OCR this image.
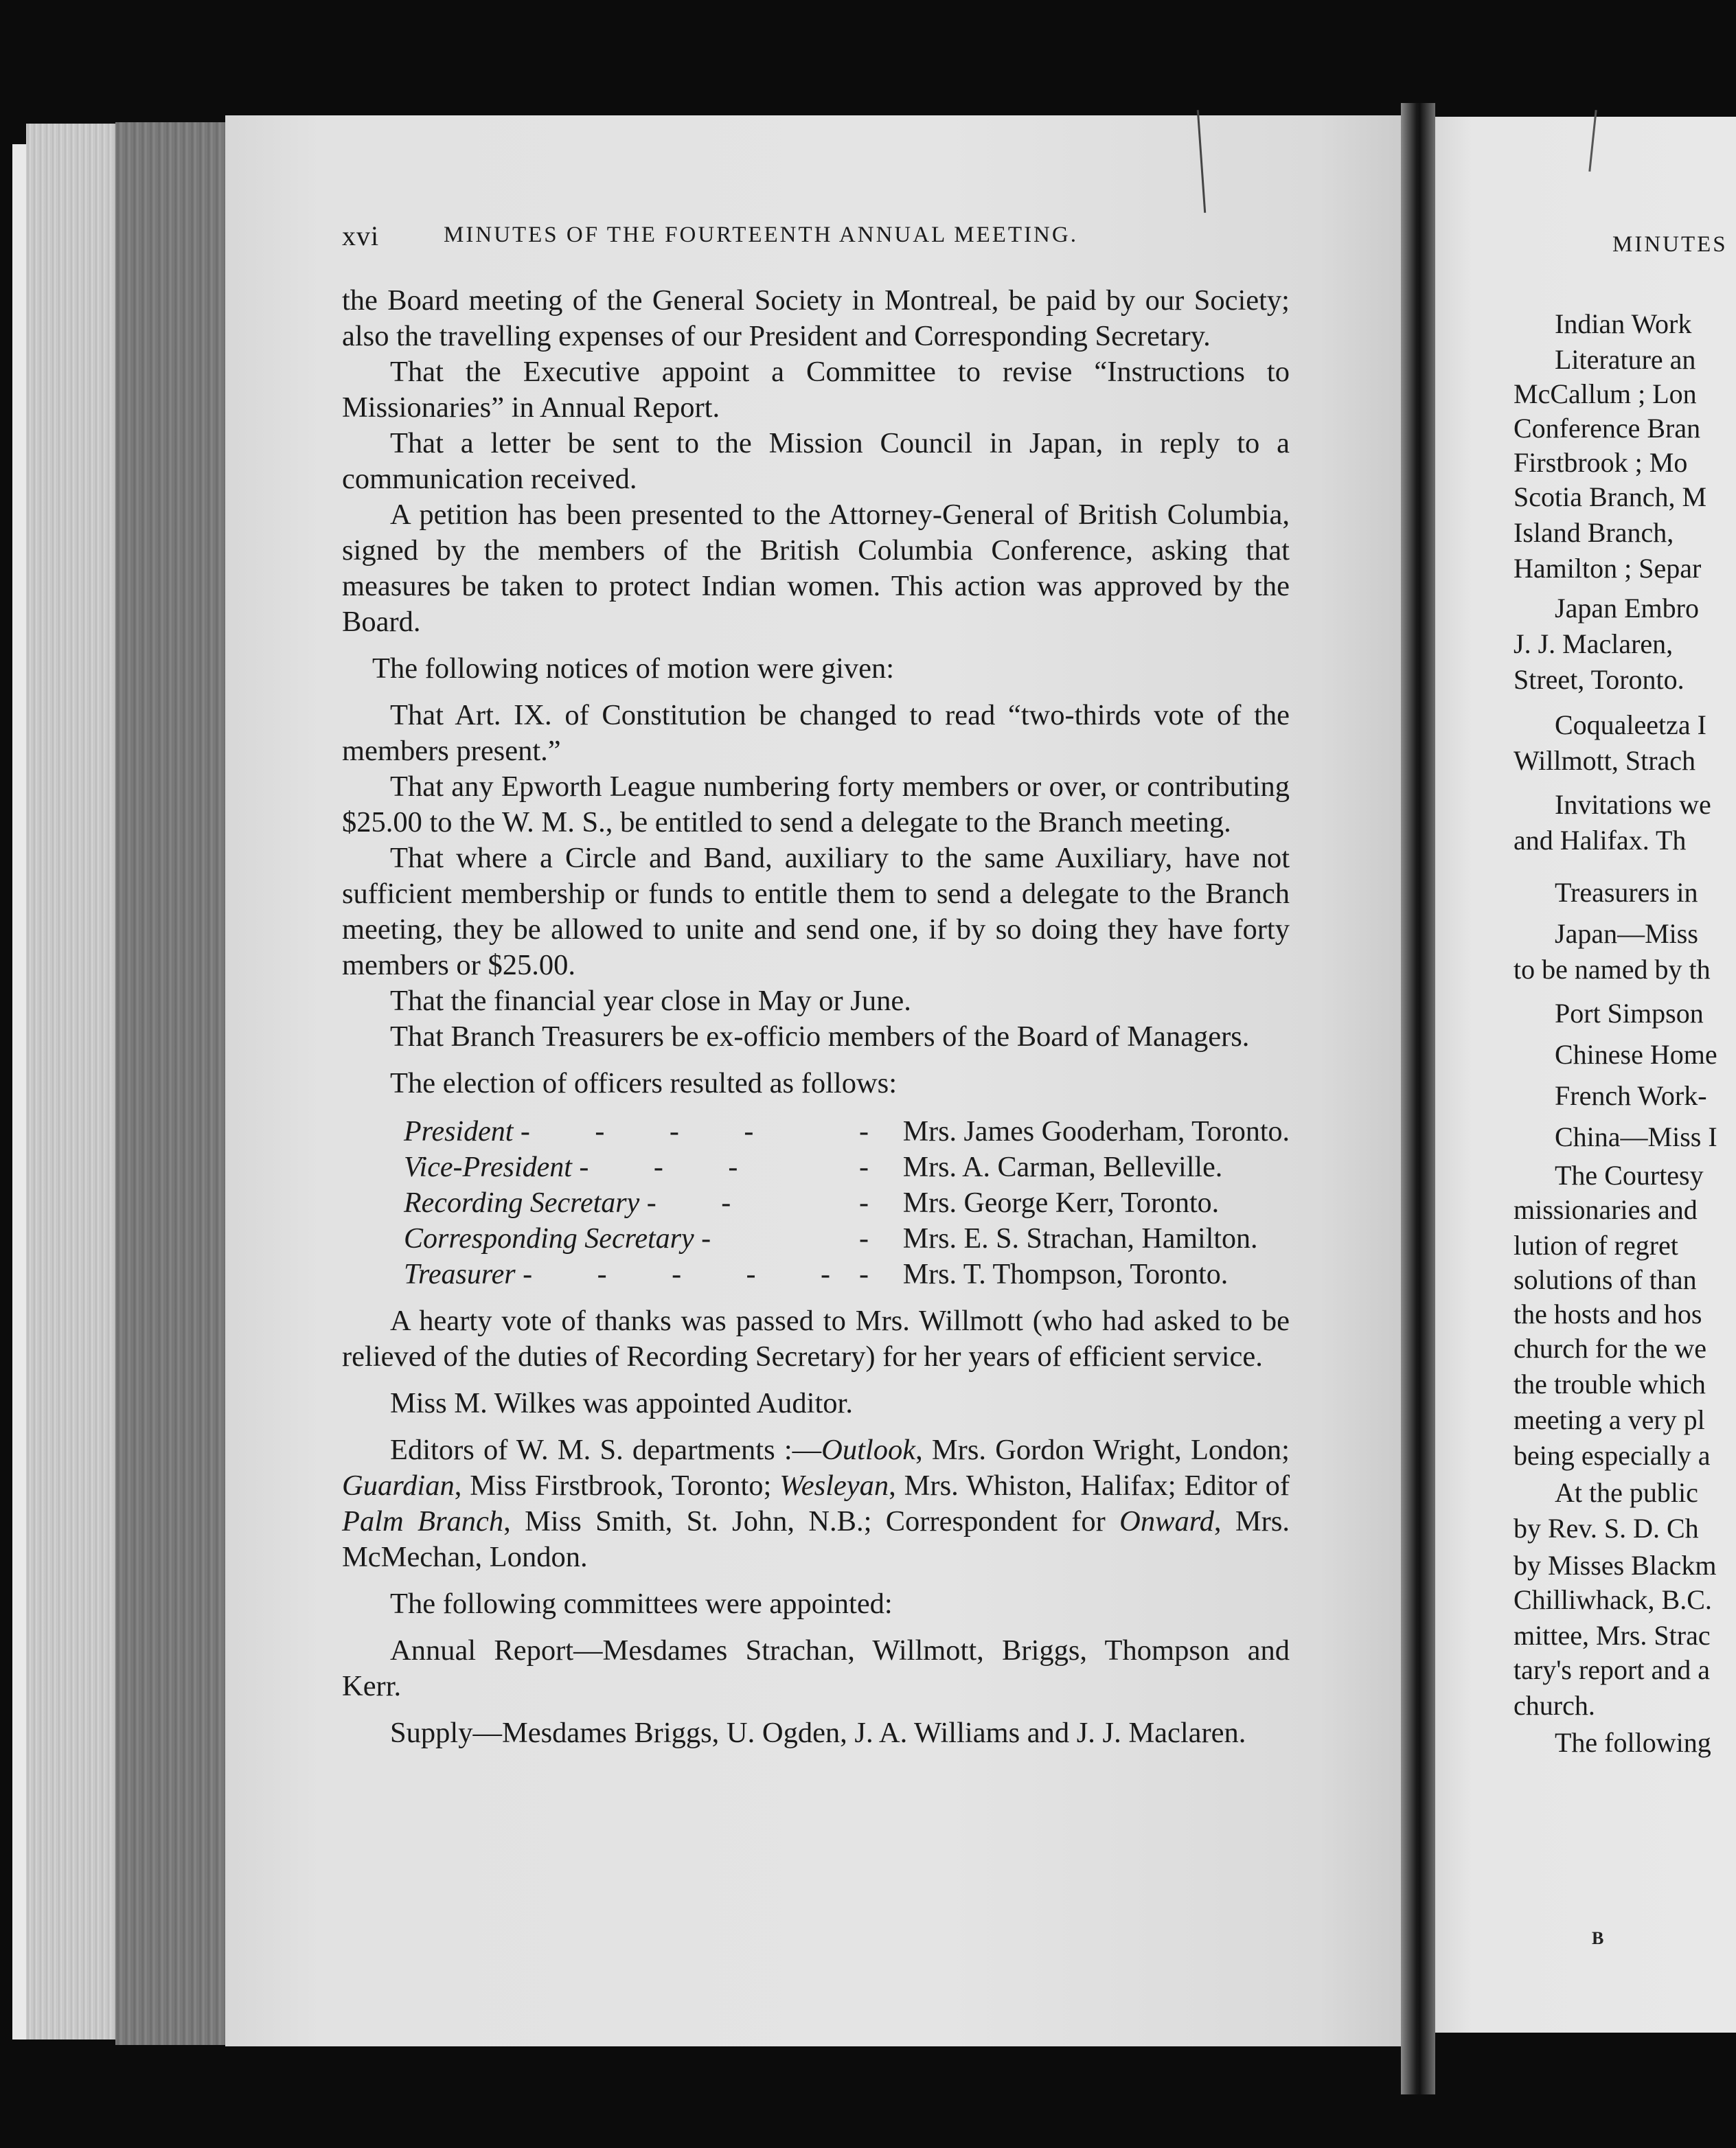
xvi	MINUTES OF THE FOURTEENTH ANNUAL MEETING.

the Board meeting of the General Society in Montreal, be paid by our Society; also the travelling expenses of our President and Corresponding Secretary.

That the Executive appoint a Committee to revise “Instructions to Missionaries” in Annual Report.

That a letter be sent to the Mission Council in Japan, in reply to a communication received.

A petition has been presented to the Attorney-General of British Columbia, signed by the members of the British Columbia Conference, asking that measures be taken to protect Indian women. This action was approved by the Board.

The following notices of motion were given:

That Art. IX. of Constitution be changed to read “two-thirds vote of the members present.”

That any Epworth League numbering forty members or over, or contributing $25.00 to the W. M. S., be entitled to send a delegate to the Branch meeting.

That where a Circle and Band, auxiliary to the same Auxiliary, have not sufficient membership or funds to entitle them to send a delegate to the Branch meeting, they be allowed to unite and send one, if by so doing they have forty members or $25.00.

That the financial year close in May or June.

That Branch Treasurers be ex-officio members of the Board of Managers.

The election of officers resulted as follows:

President - - - -	-	Mrs. James Gooderham, Toronto.
Vice-President - - -	-	Mrs. A. Carman, Belleville.
Recording Secretary - -	-	Mrs. George Kerr, Toronto.
Corresponding Secretary -	-	Mrs. E. S. Strachan, Hamilton.
Treasurer - - - - -	-	Mrs. T. Thompson, Toronto.

A hearty vote of thanks was passed to Mrs. Willmott (who had asked to be relieved of the duties of Recording Secretary) for her years of efficient service.

Miss M. Wilkes was appointed Auditor.

Editors of W. M. S. departments :—Outlook, Mrs. Gordon Wright, London; Guardian, Miss Firstbrook, Toronto; Wesleyan, Mrs. Whiston, Halifax; Editor of Palm Branch, Miss Smith, St. John, N.B.; Correspondent for Onward, Mrs. McMechan, London.

The following committees were appointed:

Annual Report—Mesdames Strachan, Willmott, Briggs, Thompson and Kerr.

Supply—Mesdames Briggs, U. Ogden, J. A. Williams and J. J. Maclaren.

MINUTES
Indian Work
Literature an
McCallum ; Lon
Conference Bran
Firstbrook ; Mo
Scotia Branch, M
Island Branch,
Hamilton ; Separ
Japan Embro
J. J. Maclaren,
Street, Toronto.
Coqualeetza I
Willmott, Strach
Invitations we
and Halifax. Th
Treasurers in
Japan—Miss
to be named by th
Port Simpson
Chinese Home
French Work-
China—Miss I
The Courtesy
missionaries and
lution of regret
solutions of than
the hosts and hos
church for the we
the trouble which
meeting a very pl
being especially a
At the public
by Rev. S. D. Ch
by Misses Blackm
Chilliwhack, B.C.
mittee, Mrs. Strac
tary's report and a
church.
The following
B
